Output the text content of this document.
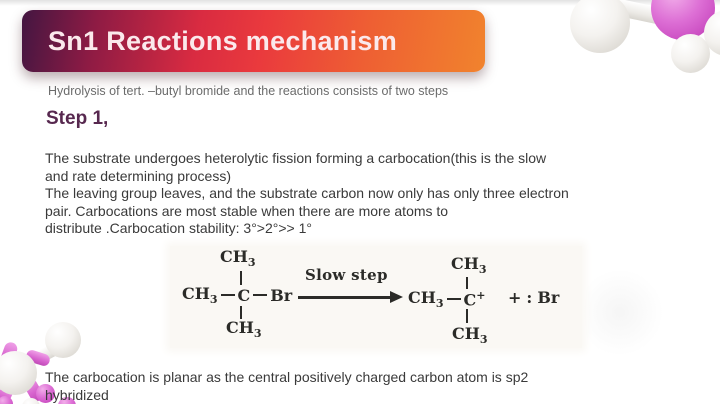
Sn1 Reactions mechanism
Hydrolysis of tert. –butyl bromide and the reactions consists of two steps
Step 1,
The substrate undergoes heterolytic fission forming a carbocation(this is the slow
and rate determining process)
The leaving group leaves, and the substrate carbon now only has only three electron
pair. Carbocations are most stable when there are more atoms to
distribute .Carbocation stability: 3°>2°>> 1°
$CH_3$
$CH_3$ C Br
$CH_3$
Slow step
$CH_3$
$CH_3$ C+
$CH_3$
+ : Br
The carbocation is planar as the central positively charged carbon atom is sp2
hybridized
